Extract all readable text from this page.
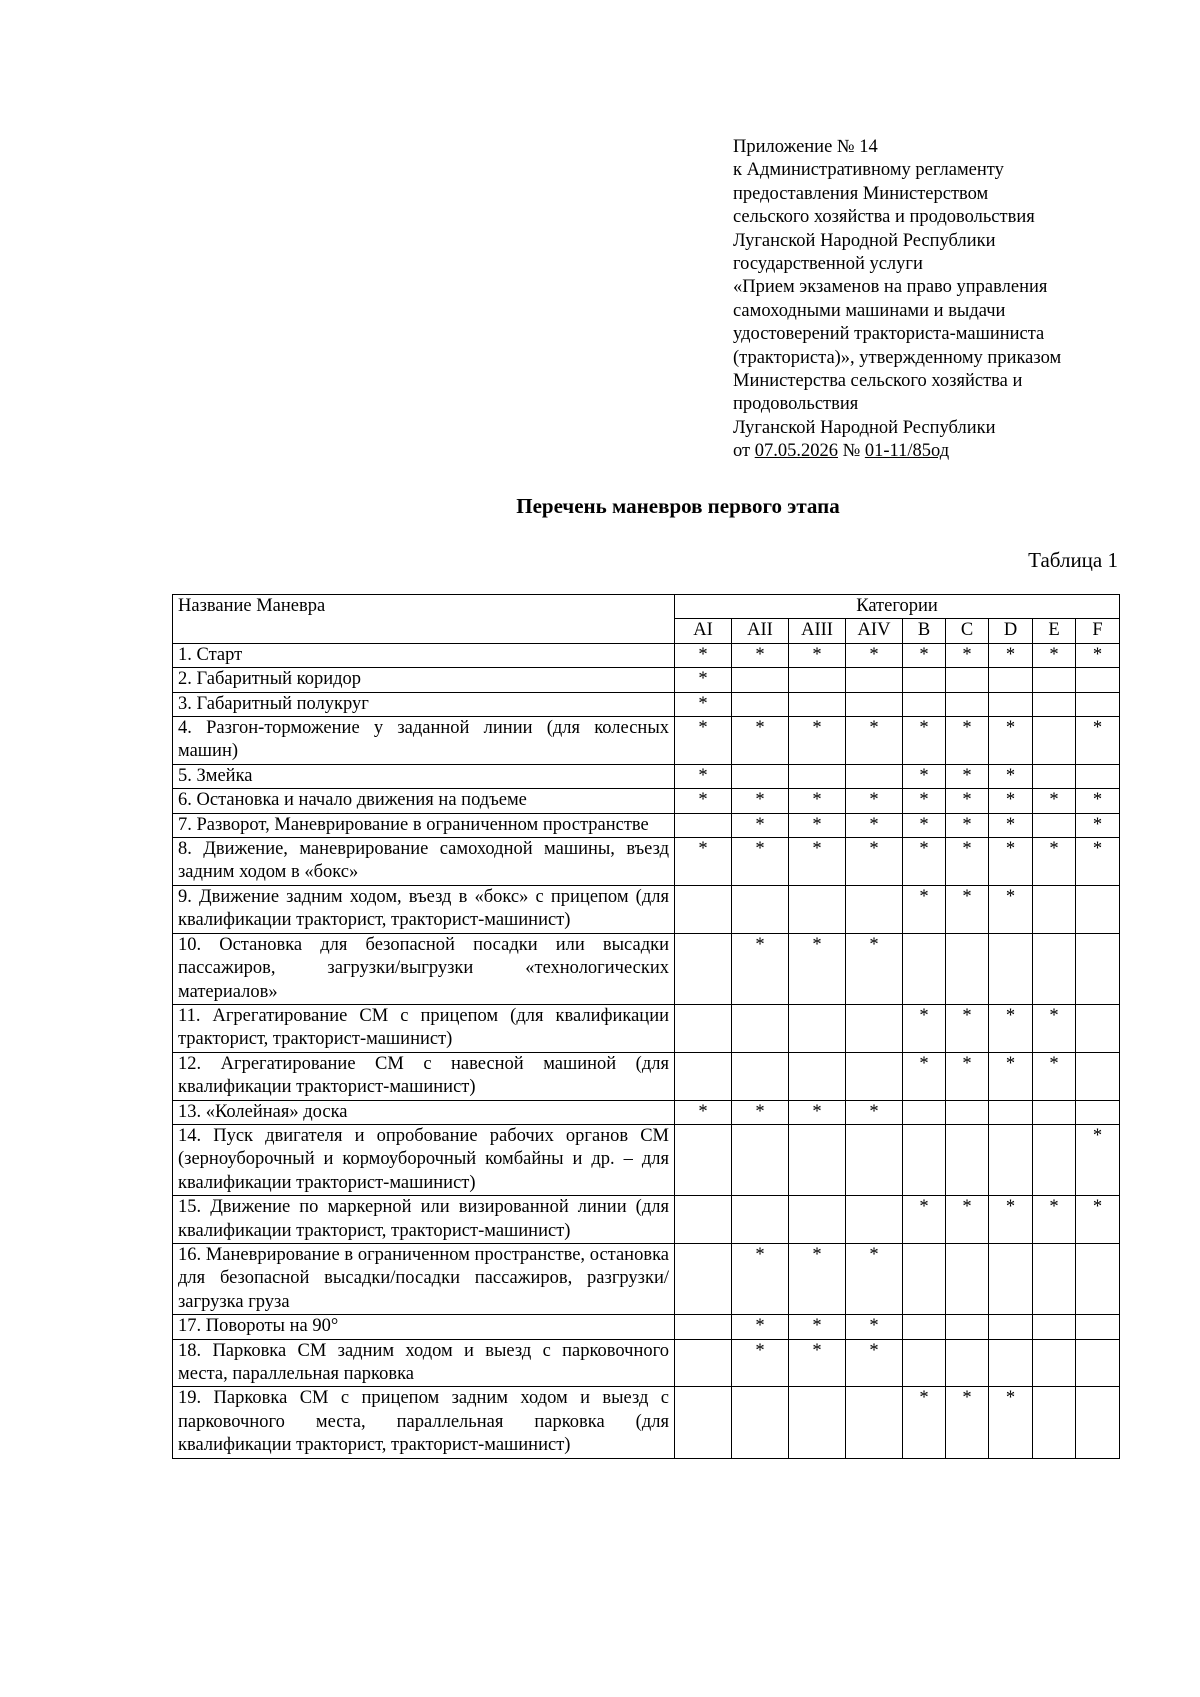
Приложение № 14
к Административному регламенту
предоставления Министерством
сельского хозяйства и продовольствия
Луганской Народной Республики
государственной услуги
«Прием экзаменов на право управления
самоходными машинами и выдачи
удостоверений тракториста-машиниста
(тракториста)», утвержденному приказом
Министерства сельского хозяйства и
продовольствия
Луганской Народной Республики
от 07.05.2026 № 01-11/85од
Перечень маневров первого этапа
Таблица 1
Название Маневра	Категории								
	AI	AII	AIII	AIV	B	C	D	E	F
1. Старт	*	*	*	*	*	*	*	*	*
2. Габаритный коридор	*								
3. Габаритный полукруг	*								
4. Разгон-торможение у заданной линии (для колесных машин)	*	*	*	*	*	*	*		*
5. Змейка	*				*	*	*		
6. Остановка и начало движения на подъеме	*	*	*	*	*	*	*	*	*
7. Разворот, Маневрирование в ограниченном пространстве		*	*	*	*	*	*		*
8. Движение, маневрирование самоходной машины, въезд задним ходом в «бокс»	*	*	*	*	*	*	*	*	*
9. Движение задним ходом, въезд в «бокс» с прицепом (для квалификации тракторист, тракторист-машинист)					*	*	*		
10. Остановка для безопасной посадки или высадки пассажиров, загрузки/выгрузки «технологических материалов»		*	*	*					
11. Агрегатирование СМ с прицепом (для квалификации тракторист, тракторист-машинист)					*	*	*	*	
12. Агрегатирование СМ с навесной машиной (для квалификации тракторист-машинист)					*	*	*	*	
13. «Колейная» доска	*	*	*	*					
14. Пуск двигателя и опробование рабочих органов СМ (зерноуборочный и кормоуборочный комбайны и др. – для квалификации тракторист-машинист)									*
15. Движение по маркерной или визированной линии (для квалификации тракторист, тракторист-машинист)					*	*	*	*	*
16. Маневрирование в ограниченном пространстве, остановка для безопасной высадки/посадки пассажиров, разгрузки/загрузка груза		*	*	*					
17. Повороты на 90°		*	*	*					
18. Парковка СМ задним ходом и выезд с парковочного места, параллельная парковка		*	*	*					
19. Парковка СМ с прицепом задним ходом и выезд с парковочного места, параллельная парковка (для квалификации тракторист, тракторист-машинист)					*	*	*		
